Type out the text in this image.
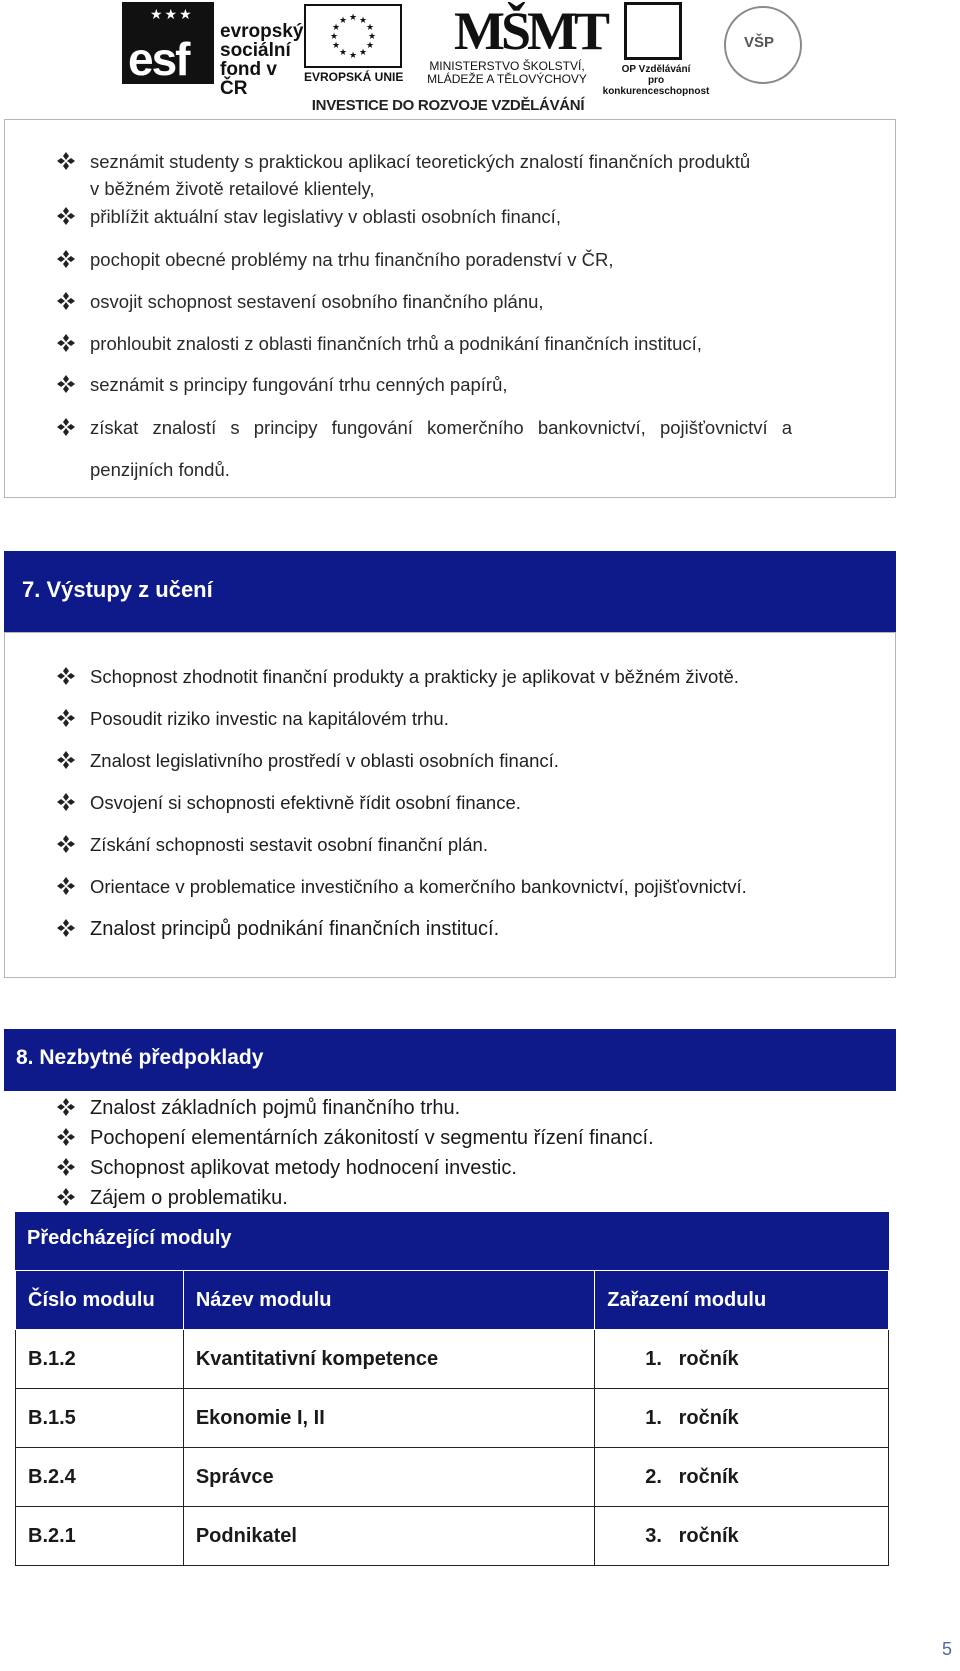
★★★
esf
evropský
sociální
fond v ČR
★ ★
★
★
★
★
★
★
★
★
★
★
EVROPSKÁ UNIE
MŠMT
MINISTERSTVO ŠKOLSTVÍ,
MLÁDEŽE A TĚLOVÝCHOVY
OP Vzdělávání
pro konkurenceschopnost
VŠP
INVESTICE DO ROZVOJE VZDĚLÁVÁNÍ
seznámit studenty s praktickou aplikací teoretických znalostí finančních produktů
v běžném životě retailové klientely,
přiblížit aktuální stav legislativy v oblasti osobních financí,
pochopit obecné problémy na trhu finančního poradenství v ČR,
osvojit schopnost sestavení osobního finančního plánu,
prohloubit znalosti z oblasti finančních trhů a podnikání finančních institucí,
seznámit s principy fungování trhu cenných papírů,
získat znalostí s principy fungování komerčního bankovnictví, pojišťovnictví a
penzijních fondů.
7. Výstupy z učení
Schopnost zhodnotit finanční produkty a prakticky je aplikovat v běžném životě.
Posoudit riziko investic na kapitálovém trhu.
Znalost legislativního prostředí v oblasti osobních financí.
Osvojení si schopnosti efektivně řídit osobní finance.
Získání schopnosti sestavit osobní finanční plán.
Orientace v problematice investičního a komerčního bankovnictví, pojišťovnictví.
Znalost principů podnikání finančních institucí.
8. Nezbytné předpoklady
Znalost základních pojmů finančního trhu.
Pochopení elementárních zákonitostí v segmentu řízení financí.
Schopnost aplikovat metody hodnocení investic.
Zájem o problematiku.
Předcházející moduly
Číslo modulu	Název modulu	Zařazení modulu
B.1.2	Kvantitativní kompetence	1.   ročník
B.1.5	Ekonomie I, II	1.   ročník
B.2.4	Správce	2.   ročník
B.2.1	Podnikatel	3.   ročník
5
